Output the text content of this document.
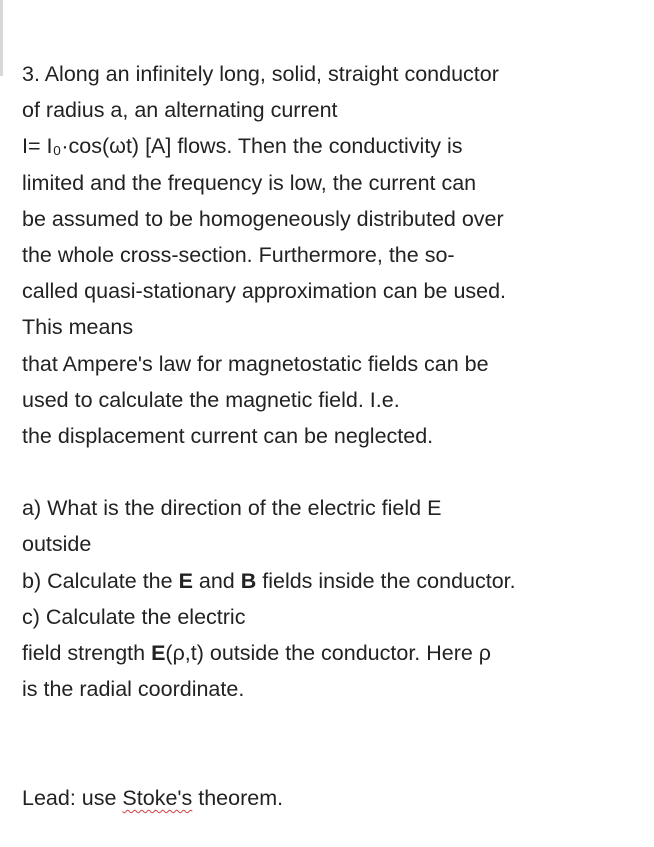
3. Along an infinitely long, solid, straight conductor
of radius a, an alternating current
I= I₀·cos(ωt) [A] flows. Then the conductivity is
limited and the frequency is low, the current can
be assumed to be homogeneously distributed over
the whole cross-section. Furthermore, the so-
called quasi-stationary approximation can be used.
This means
that Ampere's law for magnetostatic fields can be
used to calculate the magnetic field. I.e.
the displacement current can be neglected.
a) What is the direction of the electric field E
outside
b) Calculate the E and B fields inside the conductor.
c) Calculate the electric
field strength E(ρ,t) outside the conductor. Here ρ
is the radial coordinate.
Lead: use Stoke's theorem.
